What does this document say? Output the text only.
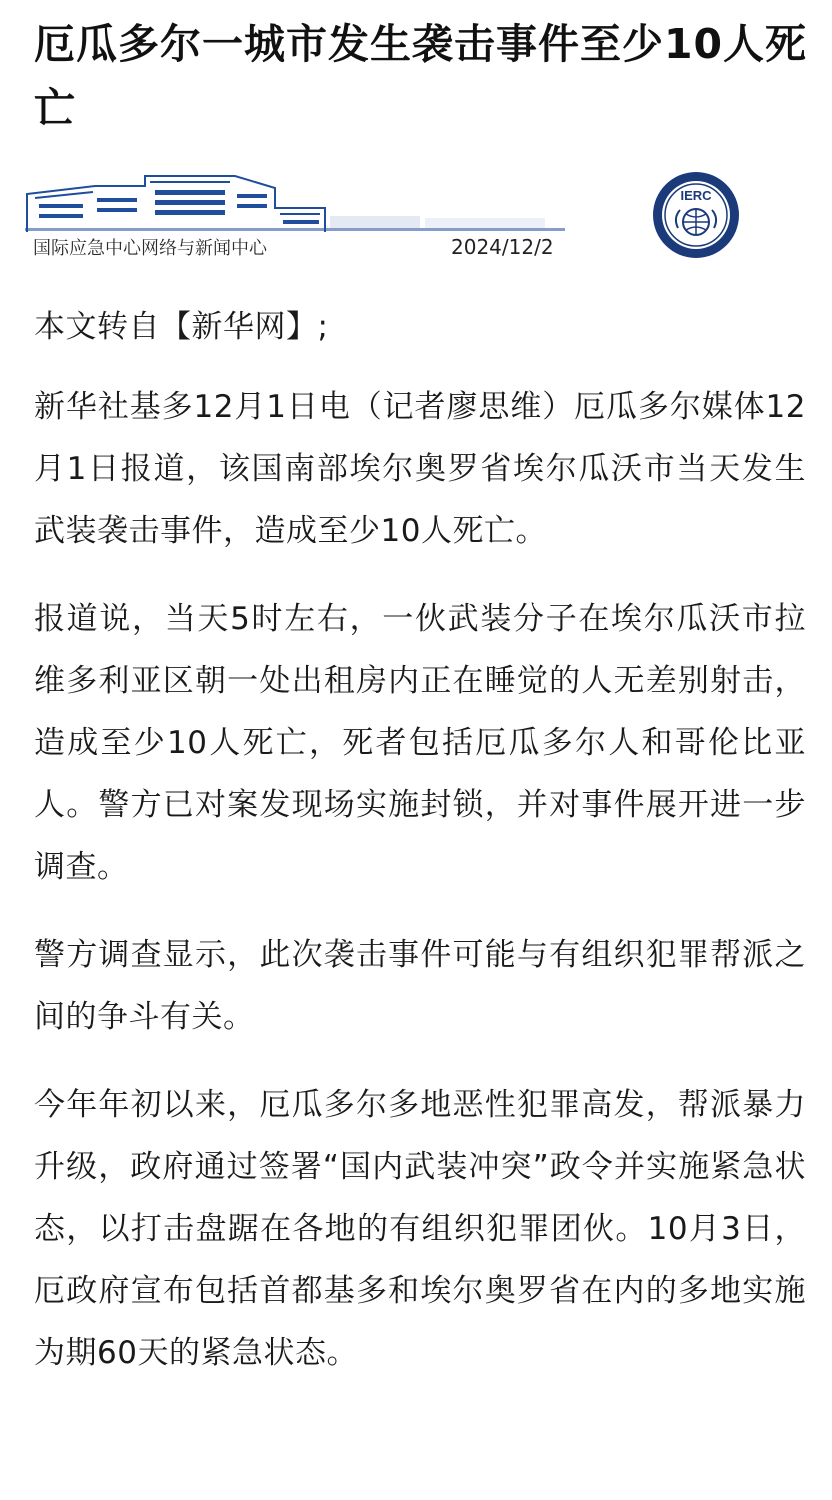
厄瓜多尔一城市发生袭击事件至少10人死亡
国际应急中心网络与新闻中心	2024/12/2
IERC

本文转自【新华网】;

新华社基多12月1日电（记者廖思维）厄瓜多尔媒体12月1日报道，该国南部埃尔奥罗省埃尔瓜沃市当天发生武装袭击事件，造成至少10人死亡。

报道说，当天5时左右，一伙武装分子在埃尔瓜沃市拉维多利亚区朝一处出租房内正在睡觉的人无差别射击，造成至少10人死亡，死者包括厄瓜多尔人和哥伦比亚人。警方已对案发现场实施封锁，并对事件展开进一步调查。

警方调查显示，此次袭击事件可能与有组织犯罪帮派之间的争斗有关。

今年年初以来，厄瓜多尔多地恶性犯罪高发，帮派暴力升级，政府通过签署“国内武装冲突”政令并实施紧急状态，以打击盘踞在各地的有组织犯罪团伙。10月3日，厄政府宣布包括首都基多和埃尔奥罗省在内的多地实施为期60天的紧急状态。
